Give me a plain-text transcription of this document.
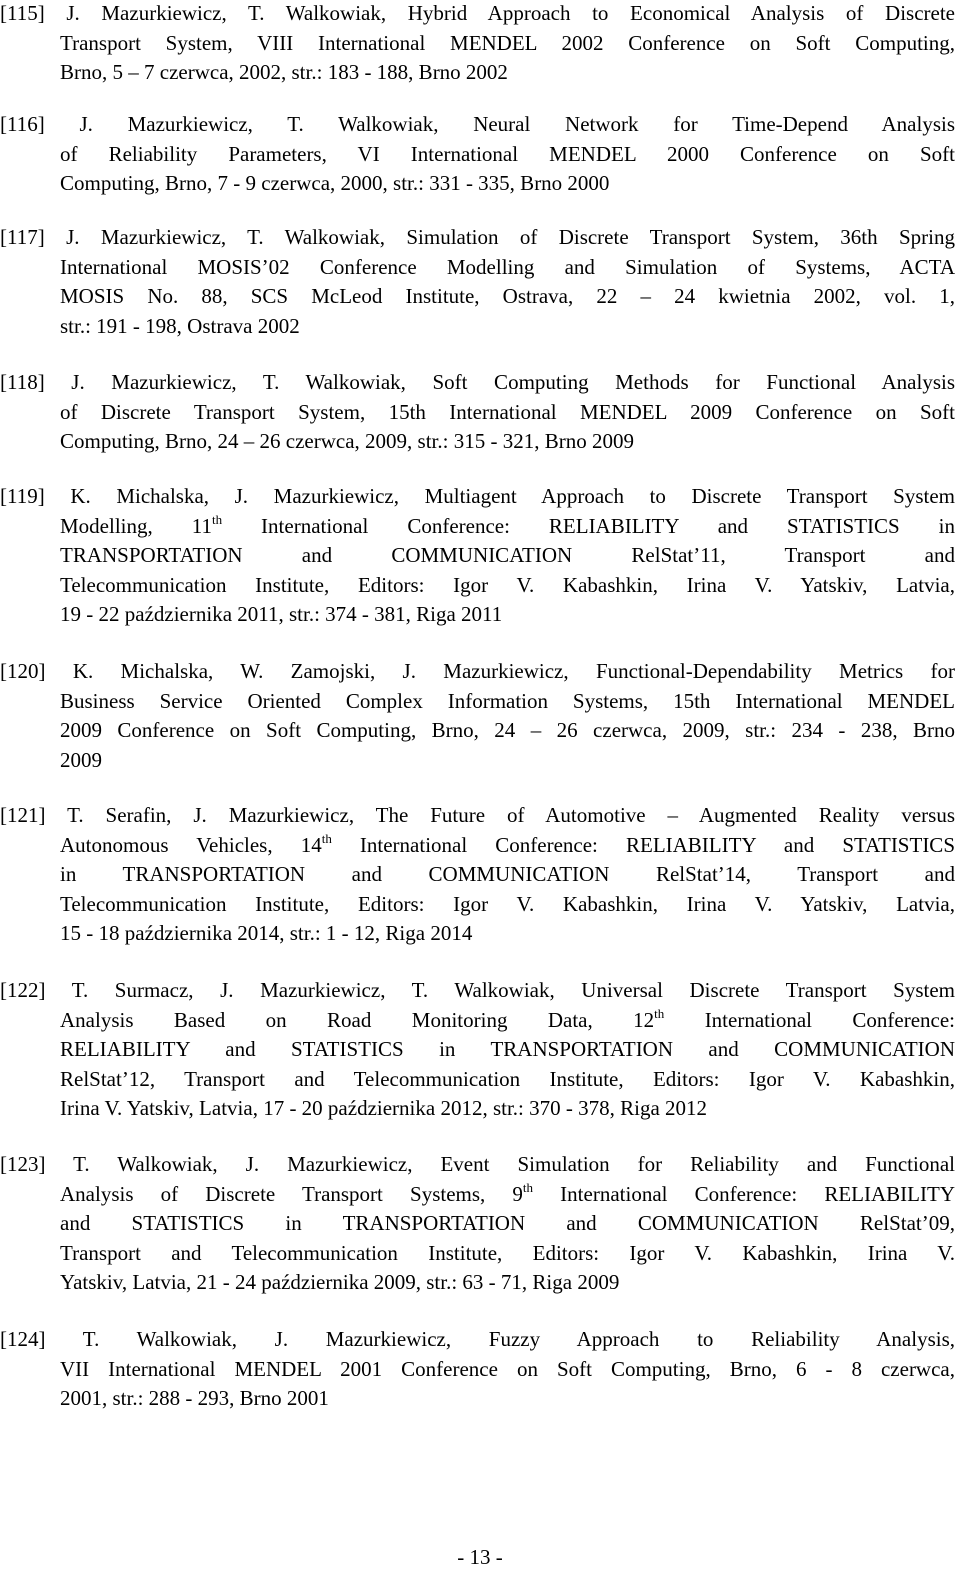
[115] J. Mazurkiewicz, T. Walkowiak, Hybrid Approach to Economical Analysis of Discrete
Transport System, VIII International MENDEL 2002 Conference on Soft Computing,
Brno, 5 – 7 czerwca, 2002, str.: 183 - 188, Brno 2002
[116] J. Mazurkiewicz, T. Walkowiak, Neural Network for Time-Depend Analysis
of Reliability Parameters, VI International MENDEL 2000 Conference on Soft
Computing, Brno, 7 - 9 czerwca, 2000, str.: 331 - 335, Brno 2000
[117] J. Mazurkiewicz, T. Walkowiak, Simulation of Discrete Transport System, 36th Spring
International MOSIS’02 Conference Modelling and Simulation of Systems, ACTA
MOSIS No. 88, SCS McLeod Institute, Ostrava, 22 – 24 kwietnia 2002, vol. 1,
str.: 191 - 198, Ostrava 2002
[118] J. Mazurkiewicz, T. Walkowiak, Soft Computing Methods for Functional Analysis
of Discrete Transport System, 15th International MENDEL 2009 Conference on Soft
Computing, Brno, 24 – 26 czerwca, 2009, str.: 315 - 321, Brno 2009
[119] K. Michalska, J. Mazurkiewicz, Multiagent Approach to Discrete Transport System
Modelling, 11th International Conference: RELIABILITY and STATISTICS in
TRANSPORTATION and COMMUNICATION RelStat’11, Transport and
Telecommunication Institute, Editors: Igor V. Kabashkin, Irina V. Yatskiv, Latvia,
19 - 22 października 2011, str.: 374 - 381, Riga 2011
[120] K. Michalska, W. Zamojski, J. Mazurkiewicz, Functional-Dependability Metrics for
Business Service Oriented Complex Information Systems, 15th International MENDEL
2009 Conference on Soft Computing, Brno, 24 – 26 czerwca, 2009, str.: 234 - 238, Brno
2009
[121] T. Serafin, J. Mazurkiewicz, The Future of Automotive – Augmented Reality versus
Autonomous Vehicles, 14th International Conference: RELIABILITY and STATISTICS
in TRANSPORTATION and COMMUNICATION RelStat’14, Transport and
Telecommunication Institute, Editors: Igor V. Kabashkin, Irina V. Yatskiv, Latvia,
15 - 18 października 2014, str.: 1 - 12, Riga 2014
[122] T. Surmacz, J. Mazurkiewicz, T. Walkowiak, Universal Discrete Transport System
Analysis Based on Road Monitoring Data, 12th International Conference:
RELIABILITY and STATISTICS in TRANSPORTATION and COMMUNICATION
RelStat’12, Transport and Telecommunication Institute, Editors: Igor V. Kabashkin,
Irina V. Yatskiv, Latvia, 17 - 20 października 2012, str.: 370 - 378, Riga 2012
[123] T. Walkowiak, J. Mazurkiewicz, Event Simulation for Reliability and Functional
Analysis of Discrete Transport Systems, 9th International Conference: RELIABILITY
and STATISTICS in TRANSPORTATION and COMMUNICATION RelStat’09,
Transport and Telecommunication Institute, Editors: Igor V. Kabashkin, Irina V.
Yatskiv, Latvia, 21 - 24 października 2009, str.: 63 - 71, Riga 2009
[124] T. Walkowiak, J. Mazurkiewicz, Fuzzy Approach to Reliability Analysis,
VII International MENDEL 2001 Conference on Soft Computing, Brno, 6 - 8 czerwca,
2001, str.: 288 - 293, Brno 2001
- 13 -
